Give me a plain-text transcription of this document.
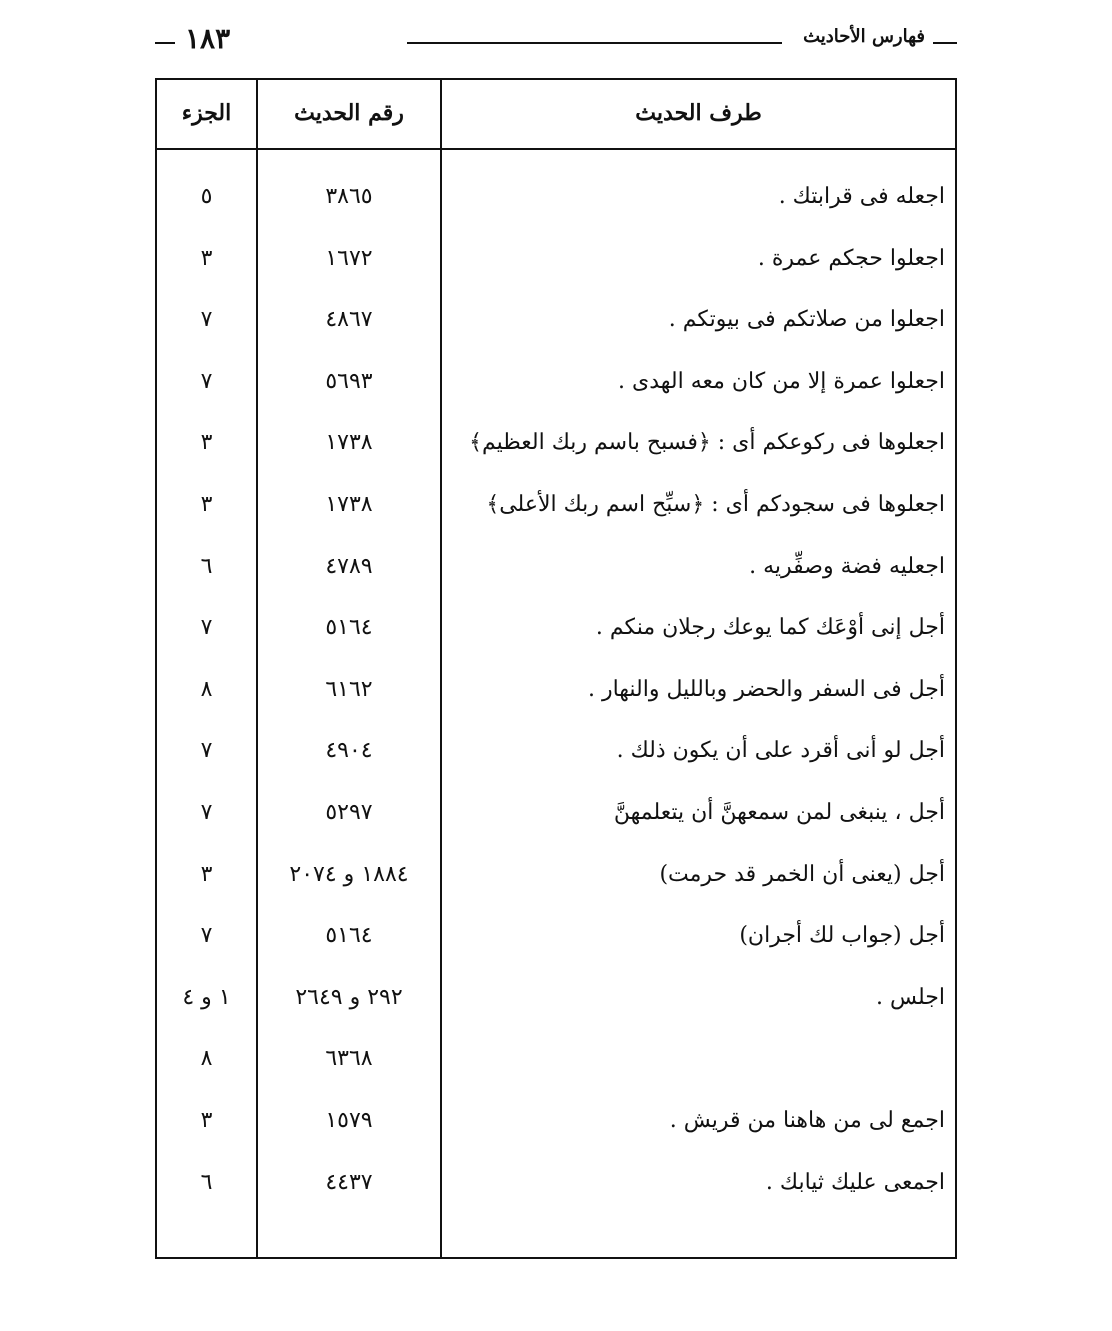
فهارس الأحاديث
١٨٣
طرف الحديث
رقم الحديث
الجزء
اجعله فى قرابتك .
٣٨٦٥
٥
اجعلوا حجكم عمرة .
١٦٧٢
٣
اجعلوا من صلاتكم فى بيوتكم .
٤٨٦٧
٧
اجعلوا عمرة إلا من كان معه الهدى .
٥٦٩٣
٧
اجعلوها فى ركوعكم أى : ﴿فسبح باسم ربك العظيم﴾
١٧٣٨
٣
اجعلوها فى سجودكم أى : ﴿سبِّح اسم ربك الأعلى﴾
١٧٣٨
٣
اجعليه فضة وصفِّريه .
٤٧٨٩
٦
أجل إنى أوْعَك كما يوعك رجلان منكم .
٥١٦٤
٧
أجل فى السفر والحضر وبالليل والنهار .
٦١٦٢
٨
أجل لو أنى أقرد على أن يكون ذلك .
٤٩٠٤
٧
أجل ، ينبغى لمن سمعهنَّ أن يتعلمهنَّ
٥٢٩٧
٧
أجل (يعنى أن الخمر قد حرمت)
١٨٨٤ و ٢٠٧٤
٣
أجل (جواب لك أجران)
٥١٦٤
٧
اجلس .
٢٩٢ و ٢٦٤٩
١ و ٤
٦٣٦٨
٨
اجمع لى من هاهنا من قريش .
١٥٧٩
٣
اجمعى عليك ثيابك .
٤٤٣٧
٦
